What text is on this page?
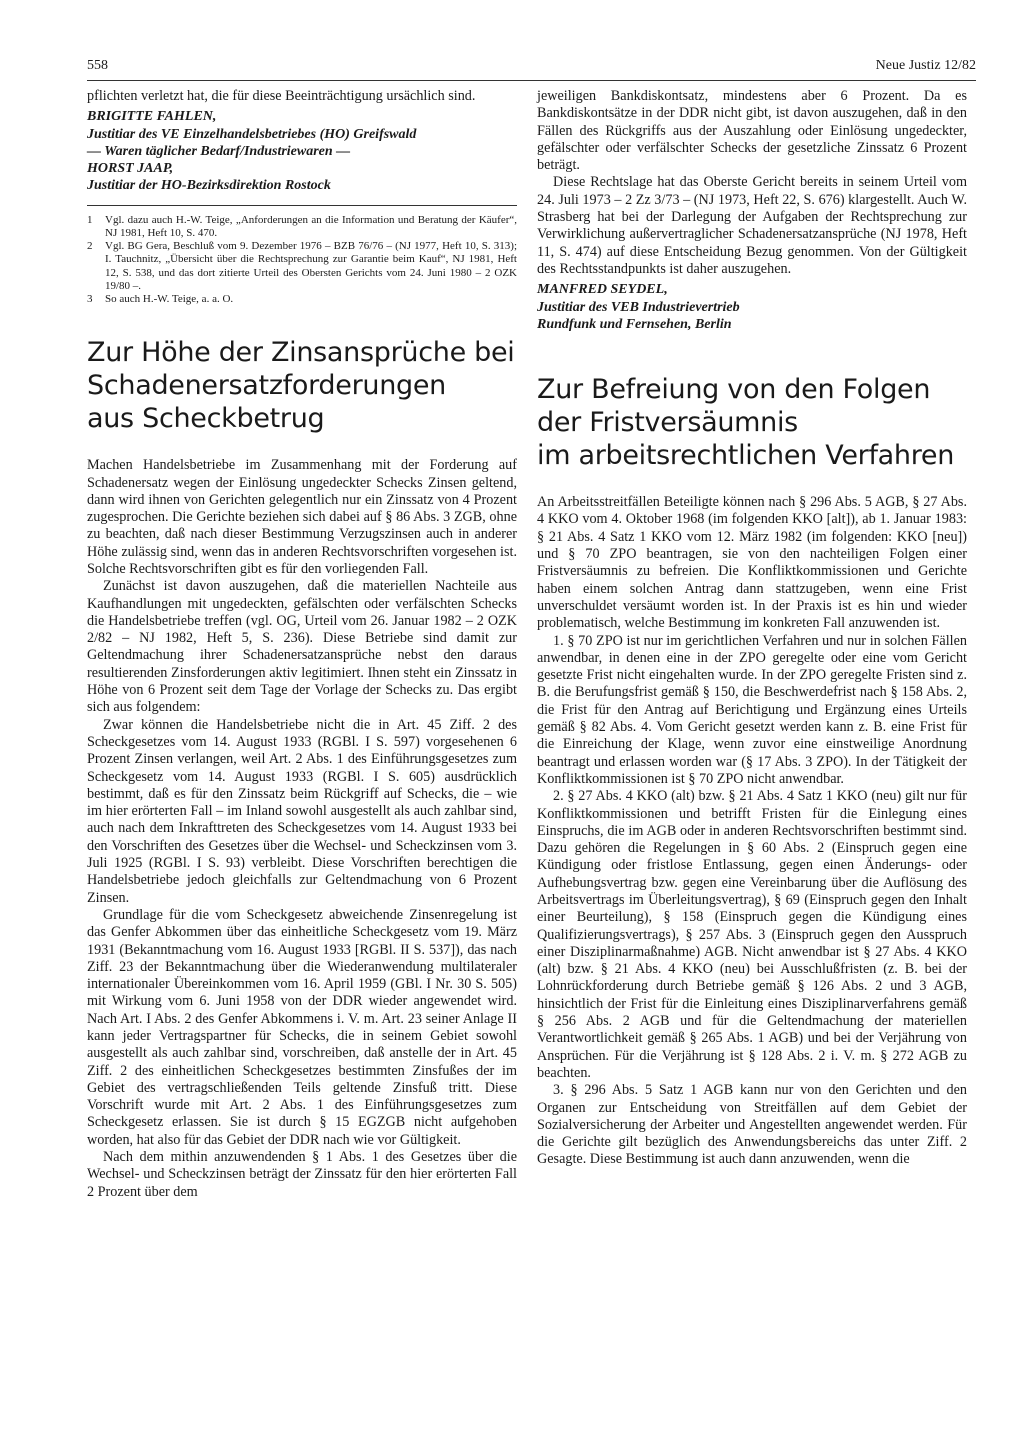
558	Neue Justiz 12/82

pflichten verletzt hat, die für diese Beeinträchtigung ursächlich sind.

BRIGITTE FAHLEN,
Justitiar des VE Einzelhandelsbetriebes (HO) Greifswald
— Waren täglicher Bedarf/Industriewaren —
HORST JAAP,
Justitiar der HO-Bezirksdirektion Rostock
1	Vgl. dazu auch H.-W. Teige, „Anforderungen an die Information und Beratung der Käufer“, NJ 1981, Heft 10, S. 470.
2	Vgl. BG Gera, Beschluß vom 9. Dezember 1976 – BZB 76/76 – (NJ 1977, Heft 10, S. 313); I. Tauchnitz, „Übersicht über die Rechtsprechung zur Garantie beim Kauf“, NJ 1981, Heft 12, S. 538, und das dort zitierte Urteil des Obersten Gerichts vom 24. Juni 1980 – 2 OZK 19/80 –.
3	So auch H.-W. Teige, a. a. O.
Zur Höhe der Zinsansprüche bei
Schadenersatzforderungen
aus Scheckbetrug

Machen Handelsbetriebe im Zusammenhang mit der Forderung auf Schadenersatz wegen der Einlösung ungedeckter Schecks Zinsen geltend, dann wird ihnen von Gerichten gelegentlich nur ein Zinssatz von 4 Prozent zugesprochen. Die Gerichte beziehen sich dabei auf § 86 Abs. 3 ZGB, ohne zu beachten, daß nach dieser Bestimmung Verzugszinsen auch in anderer Höhe zulässig sind, wenn das in anderen Rechtsvorschriften vorgesehen ist. Solche Rechtsvorschriften gibt es für den vorliegenden Fall.

Zunächst ist davon auszugehen, daß die materiellen Nachteile aus Kaufhandlungen mit ungedeckten, gefälschten oder verfälschten Schecks die Handelsbetriebe treffen (vgl. OG, Urteil vom 26. Januar 1982 – 2 OZK 2/82 – NJ 1982, Heft 5, S. 236). Diese Betriebe sind damit zur Geltendmachung ihrer Schadenersatzansprüche nebst den daraus resultierenden Zinsforderungen aktiv legitimiert. Ihnen steht ein Zinssatz in Höhe von 6 Prozent seit dem Tage der Vorlage der Schecks zu. Das ergibt sich aus folgendem:

Zwar können die Handelsbetriebe nicht die in Art. 45 Ziff. 2 des Scheckgesetzes vom 14. August 1933 (RGBl. I S. 597) vorgesehenen 6 Prozent Zinsen verlangen, weil Art. 2 Abs. 1 des Einführungsgesetzes zum Scheckgesetz vom 14. August 1933 (RGBl. I S. 605) ausdrücklich bestimmt, daß es für den Zinssatz beim Rückgriff auf Schecks, die – wie im hier erörterten Fall – im Inland sowohl ausgestellt als auch zahlbar sind, auch nach dem Inkrafttreten des Scheckgesetzes vom 14. August 1933 bei den Vorschriften des Gesetzes über die Wechsel- und Scheckzinsen vom 3. Juli 1925 (RGBl. I S. 93) verbleibt. Diese Vorschriften berechtigen die Handelsbetriebe jedoch gleichfalls zur Geltendmachung von 6 Prozent Zinsen.

Grundlage für die vom Scheckgesetz abweichende Zinsenregelung ist das Genfer Abkommen über das einheitliche Scheckgesetz vom 19. März 1931 (Bekanntmachung vom 16. August 1933 [RGBl. II S. 537]), das nach Ziff. 23 der Bekanntmachung über die Wiederanwendung multilateraler internationaler Übereinkommen vom 16. April 1959 (GBl. I Nr. 30 S. 505) mit Wirkung vom 6. Juni 1958 von der DDR wieder angewendet wird. Nach Art. I Abs. 2 des Genfer Abkommens i. V. m. Art. 23 seiner Anlage II kann jeder Vertragspartner für Schecks, die in seinem Gebiet sowohl ausgestellt als auch zahlbar sind, vorschreiben, daß anstelle der in Art. 45 Ziff. 2 des einheitlichen Scheckgesetzes bestimmten Zinsfußes der im Gebiet des vertragschließenden Teils geltende Zinsfuß tritt. Diese Vorschrift wurde mit Art. 2 Abs. 1 des Einführungsgesetzes zum Scheckgesetz erlassen. Sie ist durch § 15 EGZGB nicht aufgehoben worden, hat also für das Gebiet der DDR nach wie vor Gültigkeit.

Nach dem mithin anzuwendenden § 1 Abs. 1 des Gesetzes über die Wechsel- und Scheckzinsen beträgt der Zinssatz für den hier erörterten Fall 2 Prozent über dem

jeweiligen Bankdiskontsatz, mindestens aber 6 Prozent. Da es Bankdiskontsätze in der DDR nicht gibt, ist davon auszugehen, daß in den Fällen des Rückgriffs aus der Auszahlung oder Einlösung ungedeckter, gefälschter oder verfälschter Schecks der gesetzliche Zinssatz 6 Prozent beträgt.

Diese Rechtslage hat das Oberste Gericht bereits in seinem Urteil vom 24. Juli 1973 – 2 Zz 3/73 – (NJ 1973, Heft 22, S. 676) klargestellt. Auch W. Strasberg hat bei der Darlegung der Aufgaben der Rechtsprechung zur Verwirklichung außervertraglicher Schadenersatzansprüche (NJ 1978, Heft 11, S. 474) auf diese Entscheidung Bezug genommen. Von der Gültigkeit des Rechtsstandpunkts ist daher auszugehen.

MANFRED SEYDEL,
Justitiar des VEB Industrievertrieb
Rundfunk und Fernsehen, Berlin
Zur Befreiung von den Folgen
der Fristversäumnis
im arbeitsrechtlichen Verfahren

An Arbeitsstreitfällen Beteiligte können nach § 296 Abs. 5 AGB, § 27 Abs. 4 KKO vom 4. Oktober 1968 (im folgenden KKO [alt]), ab 1. Januar 1983: § 21 Abs. 4 Satz 1 KKO vom 12. März 1982 (im folgenden: KKO [neu]) und § 70 ZPO beantragen, sie von den nachteiligen Folgen einer Fristversäumnis zu befreien. Die Konfliktkommissionen und Gerichte haben einem solchen Antrag dann stattzugeben, wenn eine Frist unverschuldet versäumt worden ist. In der Praxis ist es hin und wieder problematisch, welche Bestimmung im konkreten Fall anzuwenden ist.

1. § 70 ZPO ist nur im gerichtlichen Verfahren und nur in solchen Fällen anwendbar, in denen eine in der ZPO geregelte oder eine vom Gericht gesetzte Frist nicht eingehalten wurde. In der ZPO geregelte Fristen sind z. B. die Berufungsfrist gemäß § 150, die Beschwerdefrist nach § 158 Abs. 2, die Frist für den Antrag auf Berichtigung und Ergänzung eines Urteils gemäß § 82 Abs. 4. Vom Gericht gesetzt werden kann z. B. eine Frist für die Einreichung der Klage, wenn zuvor eine einstweilige Anordnung beantragt und erlassen worden war (§ 17 Abs. 3 ZPO). In der Tätigkeit der Konfliktkommissionen ist § 70 ZPO nicht anwendbar.

2. § 27 Abs. 4 KKO (alt) bzw. § 21 Abs. 4 Satz 1 KKO (neu) gilt nur für Konfliktkommissionen und betrifft Fristen für die Einlegung eines Einspruchs, die im AGB oder in anderen Rechtsvorschriften bestimmt sind. Dazu gehören die Regelungen in § 60 Abs. 2 (Einspruch gegen eine Kündigung oder fristlose Entlassung, gegen einen Änderungs- oder Aufhebungsvertrag bzw. gegen eine Vereinbarung über die Auflösung des Arbeitsvertrags im Überleitungsvertrag), § 69 (Einspruch gegen den Inhalt einer Beurteilung), § 158 (Einspruch gegen die Kündigung eines Qualifizierungsvertrags), § 257 Abs. 3 (Einspruch gegen den Ausspruch einer Disziplinarmaßnahme) AGB. Nicht anwendbar ist § 27 Abs. 4 KKO (alt) bzw. § 21 Abs. 4 KKO (neu) bei Ausschlußfristen (z. B. bei der Lohnrückforderung durch Betriebe gemäß § 126 Abs. 2 und 3 AGB, hinsichtlich der Frist für die Einleitung eines Disziplinarverfahrens gemäß § 256 Abs. 2 AGB und für die Geltendmachung der materiellen Verantwortlichkeit gemäß § 265 Abs. 1 AGB) und bei der Verjährung von Ansprüchen. Für die Verjährung ist § 128 Abs. 2 i. V. m. § 272 AGB zu beachten.

3. § 296 Abs. 5 Satz 1 AGB kann nur von den Gerichten und den Organen zur Entscheidung von Streitfällen auf dem Gebiet der Sozialversicherung der Arbeiter und Angestellten angewendet werden. Für die Gerichte gilt bezüglich des Anwendungsbereichs das unter Ziff. 2 Gesagte. Diese Bestimmung ist auch dann anzuwenden, wenn die
